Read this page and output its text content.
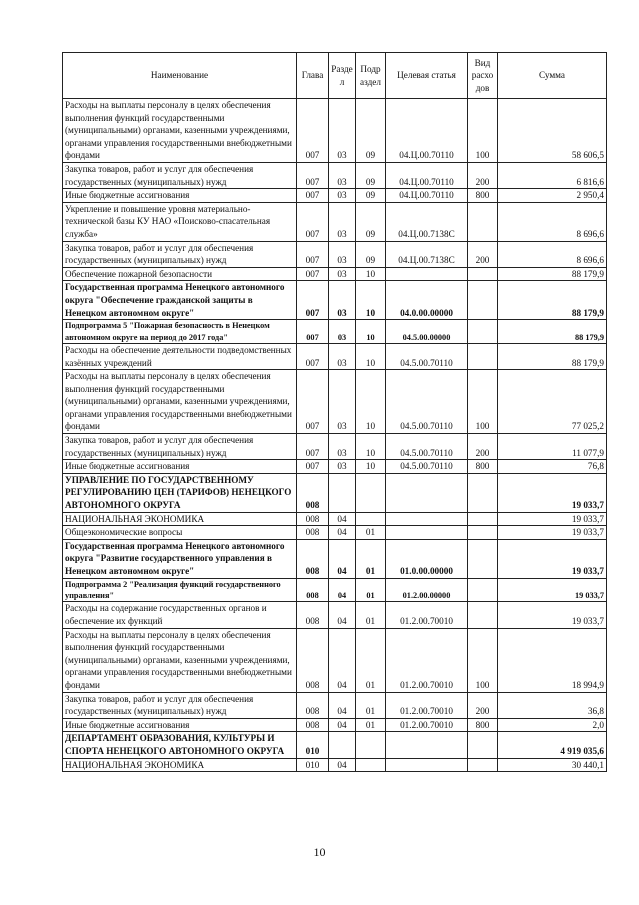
Наименование	Глава	Разде л	Подр аздел	Целевая статья	Вид расхо дов	Сумма
Расходы на выплаты персоналу в целях обеспечения выполнения функций государственными (муниципальными) органами, казенными учреждениями, органами управления государственными внебюджетными фондами	007	03	09	04.Ц.00.70110	100	58 606,5
Закупка товаров, работ и услуг для обеспечения государственных (муниципальных) нужд	007	03	09	04.Ц.00.70110	200	6 816,6
Иные бюджетные ассигнования	007	03	09	04.Ц.00.70110	800	2 950,4
Укрепление и повышение уровня материально-технической базы КУ НАО «Поисково-спасательная служба»	007	03	09	04.Ц.00.7138С		8 696,6
Закупка товаров, работ и услуг для обеспечения государственных (муниципальных) нужд	007	03	09	04.Ц.00.7138С	200	8 696,6
Обеспечение пожарной безопасности	007	03	10			88 179,9
Государственная программа Ненецкого автономного округа "Обеспечение гражданской защиты в Ненецком автономном округе"	007	03	10	04.0.00.00000		88 179,9
Подпрограмма 5 "Пожарная безопасность в Ненецком автономном округе на период до 2017 года"	007	03	10	04.5.00.00000		88 179,9
Расходы на обеспечение деятельности подведомственных казённых учреждений	007	03	10	04.5.00.70110		88 179,9
Расходы на выплаты персоналу в целях обеспечения выполнения функций государственными (муниципальными) органами, казенными учреждениями, органами управления государственными внебюджетными фондами	007	03	10	04.5.00.70110	100	77 025,2
Закупка товаров, работ и услуг для обеспечения государственных (муниципальных) нужд	007	03	10	04.5.00.70110	200	11 077,9
Иные бюджетные ассигнования	007	03	10	04.5.00.70110	800	76,8
УПРАВЛЕНИЕ ПО ГОСУДАРСТВЕННОМУ РЕГУЛИРОВАНИЮ ЦЕН (ТАРИФОВ) НЕНЕЦКОГО АВТОНОМНОГО ОКРУГА	008					19 033,7
НАЦИОНАЛЬНАЯ ЭКОНОМИКА	008	04				19 033,7
Общеэкономические вопросы	008	04	01			19 033,7
Государственная программа Ненецкого автономного округа "Развитие государственного управления в Ненецком автономном округе"	008	04	01	01.0.00.00000		19 033,7
Подпрограмма 2 "Реализация функций государственного управления"	008	04	01	01.2.00.00000		19 033,7
Расходы на содержание государственных органов и обеспечение их функций	008	04	01	01.2.00.70010		19 033,7
Расходы на выплаты персоналу в целях обеспечения выполнения функций государственными (муниципальными) органами, казенными учреждениями, органами управления государственными внебюджетными фондами	008	04	01	01.2.00.70010	100	18 994,9
Закупка товаров, работ и услуг для обеспечения государственных (муниципальных) нужд	008	04	01	01.2.00.70010	200	36,8
Иные бюджетные ассигнования	008	04	01	01.2.00.70010	800	2,0
ДЕПАРТАМЕНТ ОБРАЗОВАНИЯ, КУЛЬТУРЫ И СПОРТА НЕНЕЦКОГО АВТОНОМНОГО ОКРУГА	010					4 919 035,6
НАЦИОНАЛЬНАЯ ЭКОНОМИКА	010	04				30 440,1
10
